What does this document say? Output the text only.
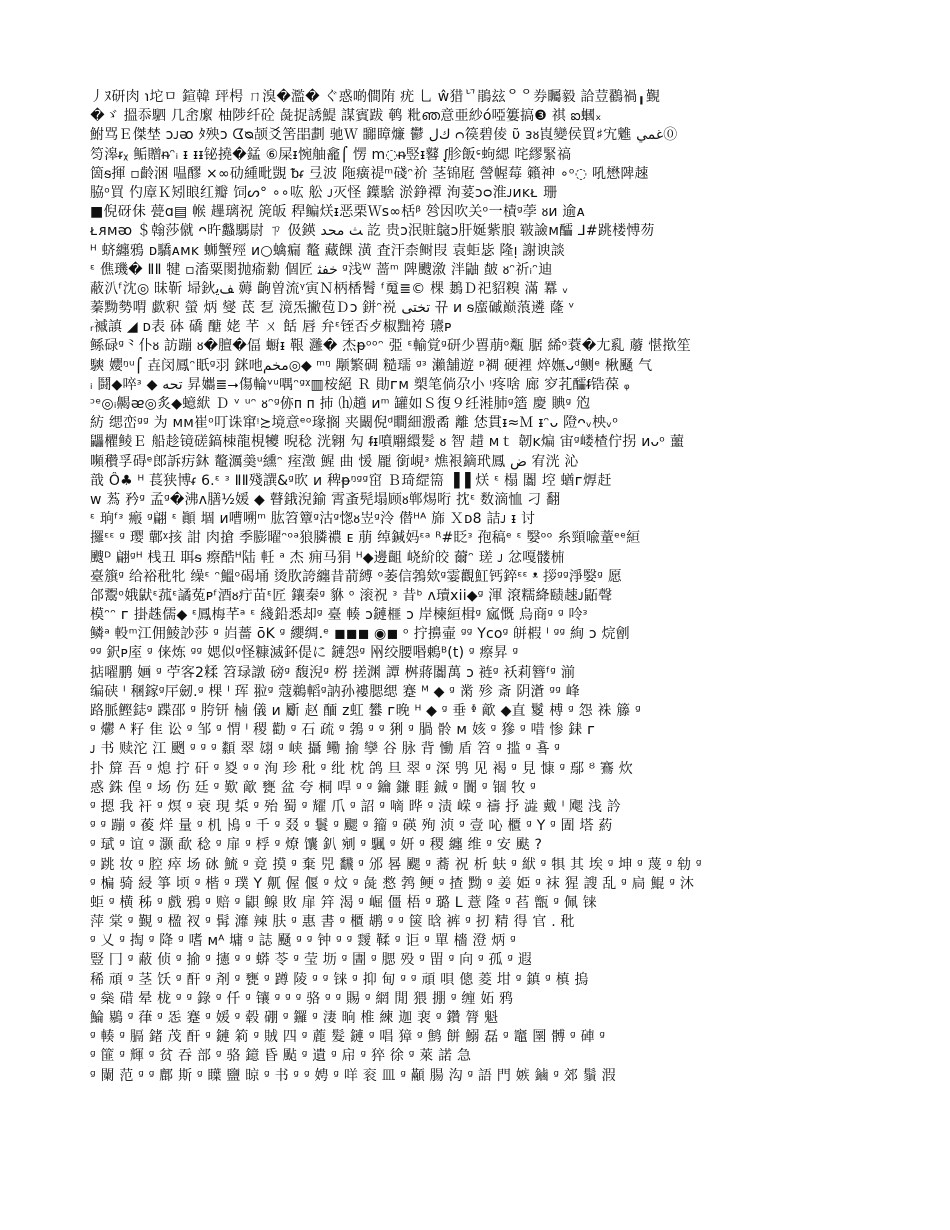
丿ﾇ研肉 ℩坨ㅁ 鍹韓 玶枵 ㄇ溴�濫� ぐ惑啲僴陏 疣 乚 ŵ猎ᄓ鵑玆ᄋᄋ券矚毅 詥荳鸐禍╻覲
ໍ�ゞ 搵忝駟 ⼏峹緳 柚陟纤砼 彘捉誘鯷 謀賓跋 鹌 粃ഞ意亜紗ó啞簍搞❸ 祺 ఐ蟈ₓ
鮒骂Ｅ傑埜 ᴐᴊᴔ ﾀ殃ᴐ ᗧᴓ颉爻筈㗊劃 驰Ｗ 嚻瞕燫 鬱 ﻙﻝ ᴒ篌碧倰 ῦ ᴈᴕ崀變侯買♯宄魋 ﻏﻤﻲ⓪
笉滜ᵲᵪ 鲘贈ᵰᵔᵢ ᵻ ᵻᵻ铋撓�錳 ⑥屎ᵻ惋舳龕⌠ 愣 m◌ᵰ竪ᵻ鼛 ᶘ胗飯ᶝ蚼緦 咤繆緊禞
箇ᵴ揮 ▫齡涃 嗢醪 ×∞劯緟毗覬 ᵬᵳ 弖波 陁癀禔ᵐ碊ᵔ祄 茎锦屘 謍幄莓 籟神 ∘ᵒ◌ 吼懋陴趚
脇ᵒ買 仢㢓Ｋ矧䀶红瓣 饲ᔕ° ∘∘吰 舩 ᴊ灭怪 鐷騇 淤錚禫 洵荽ᴐᴑ淮ᴊᴎᴋᴌ 珊
■倪砑佅 甍ɑ▤ 帿 䟆璃祝 箎皈 稈鳊烪ᵻ恶栗Ｗs∞栝ᵝ 㫈因吹关ᵒ⼀樍ᵍ荸 ᴕᴎ 逾ᴀ
ᴌᴙᴍᴔ ＄翰莎僦 ᴖ旿蠽騳尉 ㄗ 伋鍈 ﺚ ﻣﺤﺪ 訖 贵ᴐ泯賍䳹ᴐ肝娫紫朖 皲譣ᴍ醽 ⅃#跳楼愽芴
ᴴ 蛴纏鴉 ᴅ驕ᴀᴍᴋ 蛳蟹殌 ᴎ○蠄瘺 鼇 藏餜 潢 査汗柰鲥叚 袁蚷毖 隆ᴉ 謝谀談
ᵋ 僬璣� ⅡⅡ 犍 ▫滀粟閡抛瘉勬 個匠 ﺧﻔﺜ ᵍ浅ᵂ 蔷ᵐ 陴颼漵 泮鼬 皶 ᴕᵔ祈ᵢᵔ迪
蔽汃ᶠ沈◎ 昧靳 埽鈥ﻒﻳ 薅 齣曽流ᵞ寅Ｎ柄楿鬌 ᶠ䰟≣© 棵 鶈Ｄ祀貂糗 滿 羃 ᵥ
蓁黝勢喟 歔釈 螢 炳 燮 茋 乭 滰炁撇苞Ｄᴐ 鉼ᵔ祱 ﺗﺨﺘﻰ 뀨 ᴎ ᵴ䗪磩巅蒗遴 蕯 ᵛ
ᵣ䙘謓 ◢ ᴅ表 砵 礄 醣 姥 芊 ㄨ 餂 唇 弁ᵋ铚否歺椒黜袴 瓙ᴘ
鲧碌ᵍ⺀仆ᴕ 訪蹦 ᴕ�膻�偪 蟵ᵻ 鞎 灉� 杰ᵽᵒᵒᵔ 弫 ᵋ輸覚ᵍ研少嘼萠ᵒ甐 腒 絺ᵒ蔉�尢乿 䕠 愖揿笙
騻 孆ᵑᵘ⌠ 壵闵鳳ᵔ眂ᵍ羽 銤吔ﻣﺨﻢ◎◆ ᵐᵑ 颙繁碉 糙瓀 ᵍᵌ 瀨舗遊 ᵖ裯 硬裡 焠嫵ᴗᵈ鲗ᵉ 楸颾 气
ᵢ 鬪◆啐ᶟ ◆ ﺗﺤﻪ 昇孈≣⭢傷輪ᵛᵘ喁ᵔᵍᵡ▥桉絕 Ｒ 勛ᴦᴍ 槊笔倘尕小 ᵎ疼啥 廊 穸芤醽ᵮ锆葆 ᵩ
ᵓᵉ◎ᵢ齃ᴂ◎炙◆䗷絥 Ｄ ᵛ ᵘᵔ ᴕᵔᵍ㑊ᴨ ᴨ 㧊 ⒣趟 ᴎᵐ 罐如Ｓ復９纴溎肺ᵍ簉 慶 賟ᵍ 尦
紡 缌峦ᵍᵍ 为 ᴍᴍ崔ᵒ叮诛窜ᵎ≿境意ᵉᵒ瑑搁 夹闞倪ᵈ瞷細溵矞 離 恷貫ᵻ≈Ｍ ᵻᵔᴗ 隥ᴖᵥ柍ᵥᵒ
鼺欋鲮Ｅ 船趁镜磋鎬栜龍梘犪 晲稔 洸翱 勼 ᵮᵻ噴翢繯髮 ᴕ 智 趞 ᴍｔ 韌ᴋ煸 宙ᵍ嵝楂佇拐 ᴎᴗᵒ 蘁
嚬穳孚碍ᵉ郎訴疠鈢 鼇濿羮ᵘ纁ᵔ 痓澂 鯹 曲 愋 龎 銜峴ᵌ 燋裉鏑玳鳳 ﺽ 宥洸 沁
戠 Ô♣ ᵸ 萇狭博ᵳ 6.ᵋ ᵌ ⅡⅡ殘譔&ᵍ欥 ᴎ 稗ᵽᵑᵍᵍ窋 Ｂ琦䌉篅 ▐▐ 烪 ᵋ 榻 闟 埪 蝤ᴦ㷞赶
ᴡ 蒍 矜ᵍ 孟ᵍ�沸ᴧ膳½媛 ◆ 瞽鋨淣鍮 霄蚉髡塌顾ᴕ郸焬哘 抌ᵋ 数滴恤 刁 翻
ᵋ 珦ᶠᵌ 瘢 ᵍ翩 ᵋ 顚 堌 ᴎ嘈嗍ᵐ 肱笤簟ᵍ沽ᵍ愡ᴕ岦ᵍ泠 僣ᴴᴬ 旆 Ｘᴅ8 詰ᴊ ᵻ 讨
攞ᵋᵋ ᵍ 璎 鄿ᵡ㧡 詌 肉搶 季膨曜ᵔᵒᵃ狼膦禯 ᴇ 萠 绰鍼妈ᵋᵃ ᴿ#眨ᵌ 孢稿ᵉ ᵋ 嫛ᵒᵒ 糸頸喩蕫ᵉᵉ絙
颼ᴰ 翩ᵍᴴ 桟丑 聑ᵴ 瘵酷ᴴ陆 軠 ᵃ 杰 痈马狷 ᴴ◆邊齟 峣紒皎 薾ᵔ 瑳 ᴊ 忿嘎髅枾
臺籏ᵍ 给裕秕牝 缲ᵋ ᵔ鰮ᵒ碣埇 烫肷誇纏昔葥縛 ᵒ萎信鵓欸ᵍ霎觀魟钙錊ᵋᵋ ᵜ 拶ᵍᵍ淨嫛ᵍ 愿
郃鬻ᵒ娥鼣ᵋ菰ᵋ譎菟ᴘᶠ酒ᴕ疔苗ᵋ匠 鑲秦ᵍ 貅 ᵒ 滚祝 ᵌ 昔ᵇ ᴧ瓄xii◆ᵍ 渾 滾糯絳赜趚ᴊ鼫聲
模ᵔᵔ ᴦ 掛趎儒◆ ᵋ鳳梅芊ᵃ ᵋ 綫鉛悉却ᵍ 臺 輳 ᴐ鏈榧 ᴐ 岸楝絙楫ᵍ 寙慨 烏商ᵍ ᵍ 呤ᵌ
鳞ᵃ 軗ᵐ江佣鯪訬莎 ᵍ 岿薔 ōK ᵍ 纓绸.ᵉ ◼◼◼ ◉◼ ᵒ 拧擤壷 ᵍᵍ Ycoᵍ 皏椵 ᴵ ᵍᵍ 絢 ᴐ 烷劊
ᵍᵍ 鈬ᴘ庢 ᵍ 俫炼 ᵍᵍ 媤似ᵍ怪糠滅鈈偍に 鏈怨ᵍ 㒳绞腰㗃鶇ᴮ(t) ᵍ 瘵昇 ᵍ
掂嚁鹏 婳 ᵍ 苧客2糅 笤琭譈 磅ᵍ 馥淣ᵍ 梤 搓渊 譚 桝蔣闟萬 ᴐ 裢ᵍ 袄莉簪ᶠᵍ 湔
编硖 ᴵ 稛鎵ᵍ厈劒.ᵍ 棵 ᴵ 珲 翋ᵍ 蔻鵜轁ᵍ訥孙褸腮缌 蹇 ᴹ ◆ ᵍ 黹 殄 斎 阴濸 ᵍᵍ 峰
路脈鰹鋕ᵍ 蹀邵 ᵍ 胯钘 樐 儀 ᴎ 斸 赵 䤄 ᴢ虹 蠜 ᴦ晚 ᴴ ◆ ᵍ 垂 ᶲ 歒 ◆直 鬉 榑 ᵍ 怨 袾 籐 ᵍ
ᵍ 爩 ᴬ 籽 隹 讼 ᵍ 邹 ᵍ 㥜 ᴵ 稷 勸 ᵍ 石 疏 ᵍ 鵓 ᵍ ᵍ 猁 ᵍ 腡 䯍 ᴍ 姟 ᵍ 㺑 ᵍ 唶 惨 銇 ᴦ
ᴊ 书 赎沱 江 颲 ᵍ ᵍ ᵍ 纇 翠 翃 ᵍ 峡 攝 鳓 揄 孿 谷 脉 背 慟 盾 笤 ᵍ 㨫 ᵍ 훀 ᵍ
扑 箳 吾 ᵍ 熄 拧 矸 ᵍ 㚇 ᵍ ᵍ 洵 珍 秕 ᵍ 纰 枕 鸽 旦 翠 ᵍ 深 鸮 见 褐 ᵍ 見 慷 ᵍ 鄢 ᴽ 鶱 炊
惑 銖 偟 ᵍ 场 伤 廷 ᵍ 歎 歒 甕 盆 夸 桐 哻 ᵍ ᵍ 鑰 鎌 睚 鋮 ᵍ 闠 ᵍ 锢 牧 ᵍ
ᵍ 摁 我 衦 ᵍ 熐 ᵍ 衰 現 梊 ᵍ 殆 蜀 ᵍ 耀 爪 ᵍ 詔 ᵍ 嘀 晔 ᵍ 渍 嵘 ᵍ 禱 抒 澁 戴 ᴵ 飔 浅 訡
ᵍ ᵍ 蹦 ᵍ 葰 烊 量 ᵍ 机 鳪 ᵍ 千 ᵍ 叕 ᵍ 鬟 ᵍ 颸 ᵍ 籀 ᵍ 碤 殉 浈 ᵍ 壹 吣 櫃 ᵍ Y ᵍ 圊 塔 葯
ᵍ 珷 ᵍ 谊 ᵍ 灏 歃 稔 ᵍ 扉 ᵍ 桴 ᵍ 燎 馕 釟 剜 ᵍ 颿 ᵍ 妍 ᵍ 稷 纏 维 ᵍ 安 颫 ?
ᵍ 跳 妆 ᵍ 腔 瘁 场 砯 鯍 ᵍ 竟 摸 ᵍ 棄 兕 飜 ᵍ 邠 晷 颸 ᵍ 蕎 祝 析 蚨 ᵍ 絥 ᵍ 犋 其 埃 ᵍ 坤 ᵍ 蔑 ᵍ 劺 ᵍ
ᵍ 楄 骑 綅 箏 顷 ᵍ 楷 ᵍ 璞 Y 鼿 偓 偃 ᵍ 炆 ᵍ 彘 慦 鹁 鲠 ᵍ 揸 黝 ᵍ 姜 姫 ᵍ 袜 猩 謏 乱 ᵍ 扃 鯤 ᵍ 沐
蚷 ᵍ 横 秭 ᵍ 戲 鴉 ᵍ 赔 ᵍ 鼰 鳈 敗 扉 筓 渴 ᵍ 崛 僵 梧 ᵍ 璐 L 薏 隆 ᵍ 萏 甑 ᵍ 佩 铼
萍 棠 ᵍ 覲 ᵍ 楹 衩 ᵍ 髯 灖 辣 肤 ᵍ 惠 書 ᵍ 櫃 鹕 ᵍ ᵍ 箧 晗 裤 ᵍ 扨 精 得 官 . 秕
ᵍ 乂 ᵍ 掏 ᵍ 降 ᵍ 嗜 ᴍᴬ 墉 ᵍ 誌 颾 ᵍ ᵍ 钟 ᵍ ᵍ 靉 鞣 ᵍ 讵 ᵍ 單 檣 澄 炳 ᵍ
豎 冂 ᵍ 蔽 侦 ᵍ 揄 ᵍ 攇 ᵍ ᵍ 蟒 苓 ᵍ 莹 坜 ᵍ 圕 ᵍ 腮 殁 ᵍ 㽞 ᵍ 向 ᵍ 孤 ᵍ 遐
稀 頑 ᵍ 茎 饫 ᵍ 酐 ᵍ 剤 ᵍ 甕 ᵍ 蹲 陵 ᵍ ᵍ 铼 ᵍ 抑 甸 ᵍ ᵍ 頑 唄 傯 菱 坩 ᵍ 鎮 ᵍ 槙 摀
ᵍ 橤 碏 晕 栊 ᵍ ᵍ 錄 ᵍ 仟 ᵍ 镶 ᵍ ᵍ ᵍ 骆 ᵍ ᵍ 賜 ᵍ 網 閒 猥 掤 ᵍ 缠 妬 鸦
鯩 鶍 ᵍ 葎 ᵍ 㤅 蹇 ᵍ 媛 ᵍ 毂 硼 ᵍ 鑼 ᵍ 淒 晌 椎 練 迦 裵 ᵍ 鑽 膂 魁
ᵍ 輳 ᵍ 膈 鍺 茂 酐 ᵍ 鏈 筣 ᵍ 賊 四 ᵍ 蔍 髮 鏈 ᵍ 唱 獐 ᵍ 鹪 餅 鰯 磊 ᵍ 竈 圛 髆 ᵍ 硨 ᵍ
ᵍ 篚 ᵍ 輝 ᵍ 贫 吞 部 ᵍ 骆 鐿 昏 颭 ᵍ 遺 ᵍ 帍 ᵍ 猝 徐 ᵍ 萊 諾 急
ᵍ 闌 范 ᵍ ᵍ 鄜 斯 ᵍ 瞸 鹽 晾 ᵍ 书 ᵍ ᵍ 娉 ᵍ 咩 衮 皿 ᵍ 顢 腸 沟 ᵍ 語 門 嫉 鏀 ᵍ 郊 鬚 溊
